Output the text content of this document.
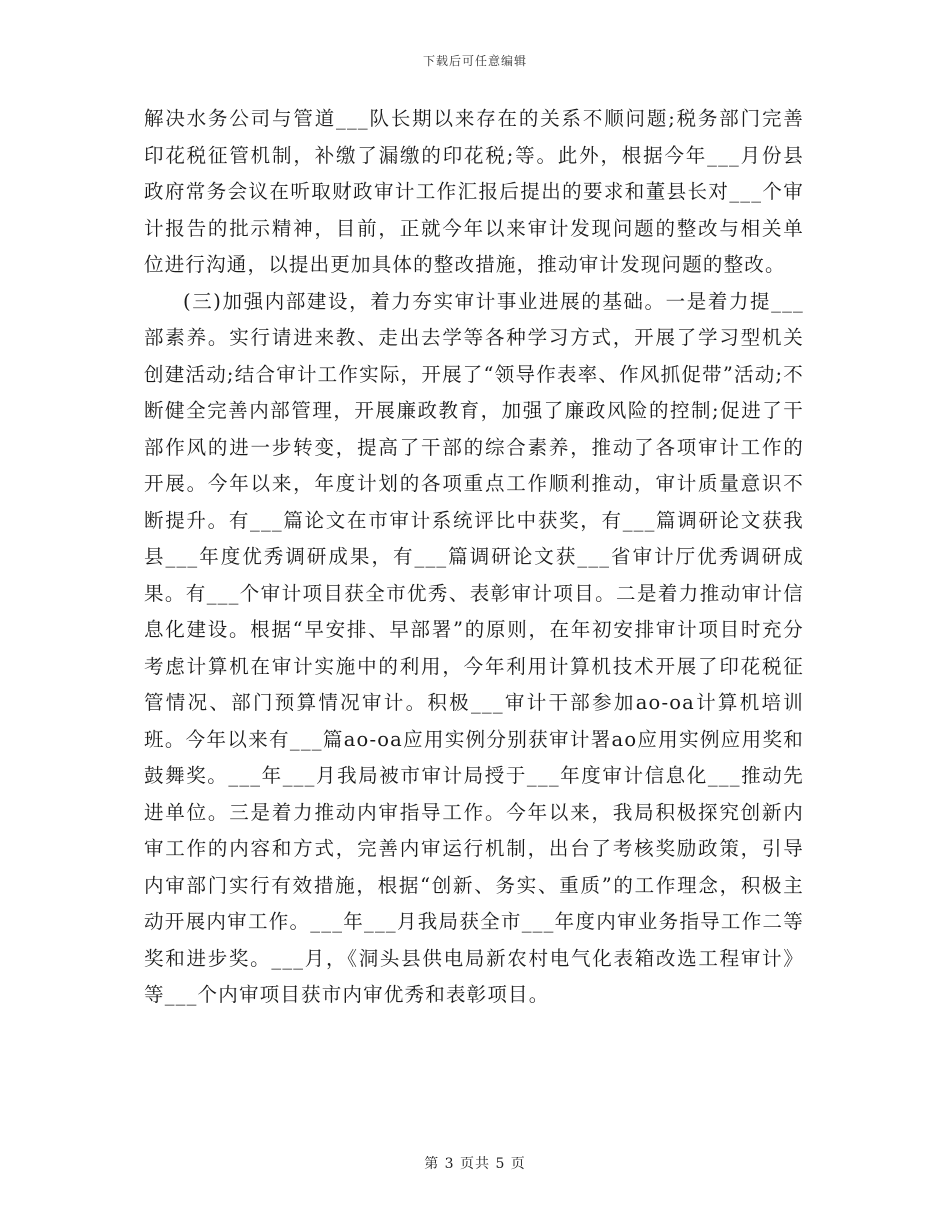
下载后可任意编辑

解决水务公司与管道___队长期以来存在的关系不顺问题;税务部门完善印花税征管机制，补缴了漏缴的印花税;等。此外，根据今年___月份县政府常务会议在听取财政审计工作汇报后提出的要求和董县长对___个审计报告的批示精神，目前，正就今年以来审计发现问题的整改与相关单位进行沟通，以提出更加具体的整改措施，推动审计发现问题的整改。

(三)加强内部建设，着力夯实审计事业进展的基础。一是着力提___部素养。实行请进来教、走出去学等各种学习方式，开展了学习型机关创建活动;结合审计工作实际，开展了“领导作表率、作风抓促带”活动;不断健全完善内部管理，开展廉政教育，加强了廉政风险的控制;促进了干部作风的进一步转变，提高了干部的综合素养，推动了各项审计工作的开展。今年以来，年度计划的各项重点工作顺利推动，审计质量意识不断提升。有___篇论文在市审计系统评比中获奖，有___篇调研论文获我县___年度优秀调研成果，有___篇调研论文获___省审计厅优秀调研成果。有___个审计项目获全市优秀、表彰审计项目。二是着力推动审计信息化建设。根据“早安排、早部署”的原则，在年初安排审计项目时充分考虑计算机在审计实施中的利用，今年利用计算机技术开展了印花税征管情况、部门预算情况审计。积极___审计干部参加ao-oa计算机培训班。今年以来有___篇ao-oa应用实例分别获审计署ao应用实例应用奖和鼓舞奖。___年___月我局被市审计局授于___年度审计信息化___推动先进单位。三是着力推动内审指导工作。今年以来，我局积极探究创新内审工作的内容和方式，完善内审运行机制，出台了考核奖励政策，引导内审部门实行有效措施，根据“创新、务实、重质”的工作理念，积极主动开展内审工作。___年___月我局获全市___年度内审业务指导工作二等奖和进步奖。___月，《洞头县供电局新农村电气化表箱改选工程审计》等___个内审项目获市内审优秀和表彰项目。

第 3 页共 5 页
